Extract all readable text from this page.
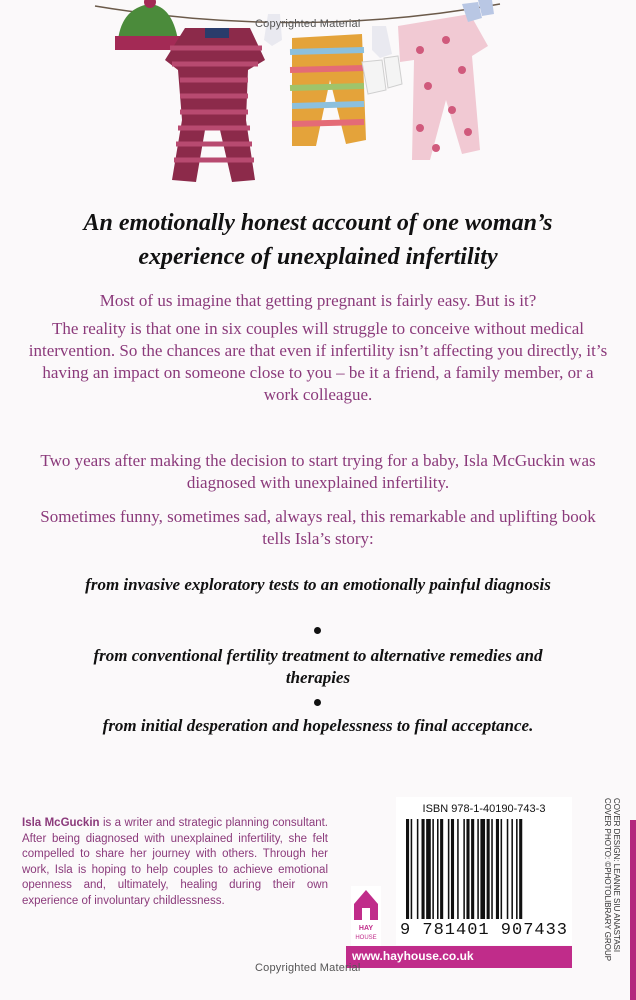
Copyrighted Material
An emotionally honest account of one woman’s experience of unexplained infertility
Most of us imagine that getting pregnant is fairly easy. But is it?
The reality is that one in six couples will struggle to conceive without medical intervention. So the chances are that even if infertility isn’t affecting you directly, it’s having an impact on someone close to you – be it a friend, a family member, or a work colleague.
Two years after making the decision to start trying for a baby, Isla McGuckin was diagnosed with unexplained infertility.
Sometimes funny, sometimes sad, always real, this remarkable and uplifting book tells Isla’s story:
from invasive exploratory tests to an emotionally painful diagnosis
from conventional fertility treatment to alternative remedies and therapies
from initial desperation and hopelessness to final acceptance.
Isla McGuckin is a writer and strategic planning consultant. After being diagnosed with unexplained infertility, she felt compelled to share her journey with others. Through her work, Isla is hoping to help couples to achieve emotional openness and, ultimately, healing during their own experience of involuntary childlessness.
HAY
HOUSE
ISBN 978-1-40190-743-3
9 781401 907433
www.hayhouse.co.uk
COVER DESIGN: LEANNE SIU ANASTASI
COVER PHOTO: ©PHOTOLIBRARY GROUP
Copyrighted Material
